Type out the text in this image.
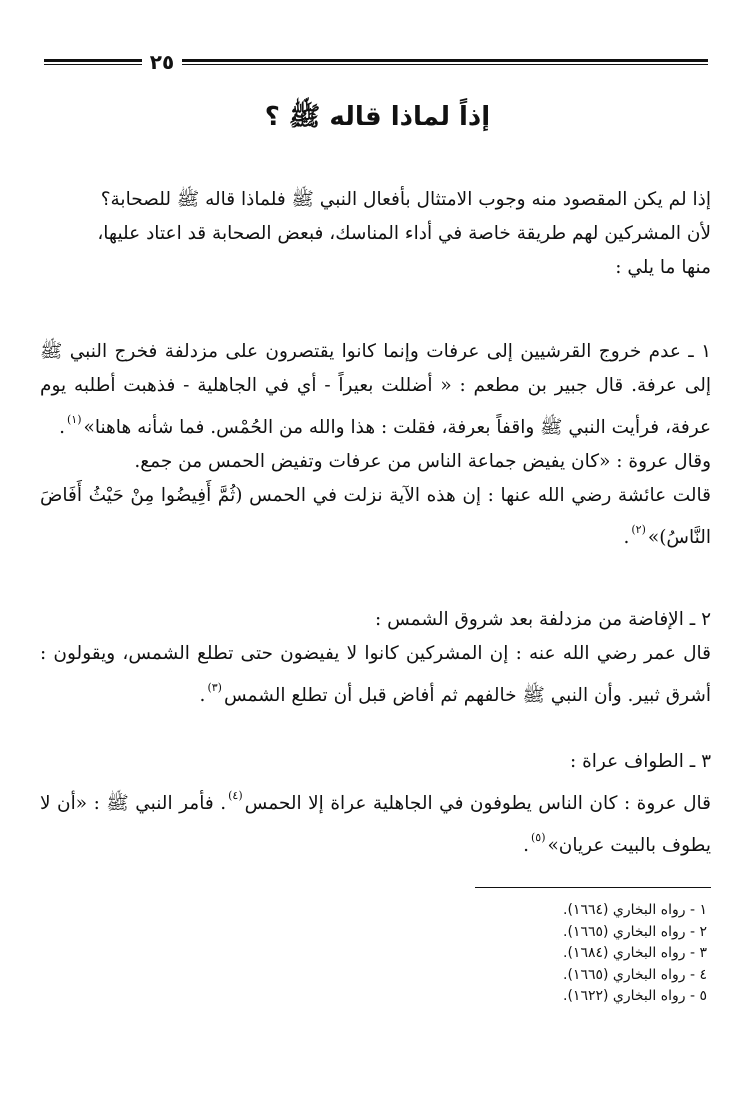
٢٥
إذاً لماذا قاله ﷺ ؟

إذا لم يكن المقصود منه وجوب الامتثال بأفعال النبي ﷺ فلماذا قاله ﷺ للصحابة؟

لأن المشركين لهم طريقة خاصة في أداء المناسك، فبعض الصحابة قد اعتاد عليها،

منها ما يلي :

١ ـ عدم خروج القرشيين إلى عرفات وإنما كانوا يقتصرون على مزدلفة فخرج النبي ﷺ إلى عرفة. قال جبير بن مطعم : « أضللت بعيراً - أي في الجاهلية - فذهبت أطلبه يوم عرفة، فرأيت النبي ﷺ واقفاً بعرفة، فقلت : هذا والله من الحُمْس. فما شأنه هاهنا»$^{(١)}$.

وقال عروة : «كان يفيض جماعة الناس من عرفات وتفيض الحمس من جمع.

قالت عائشة رضي الله عنها : إن هذه الآية نزلت في الحمس (ثُمَّ أَفِيضُوا مِنْ حَيْثُ أَفَاضَ النَّاسُ)»$^{(٢)}$.

٢ ـ الإفاضة من مزدلفة بعد شروق الشمس :

قال عمر رضي الله عنه : إن المشركين كانوا لا يفيضون حتى تطلع الشمس، ويقولون : أشرق ثبير. وأن النبي ﷺ خالفهم ثم أفاض قبل أن تطلع الشمس$^{(٣)}$.

٣ ـ الطواف عراة :

قال عروة : كان الناس يطوفون في الجاهلية عراة إلا الحمس$^{(٤)}$. فأمر النبي ﷺ : «أن لا يطوف بالبيت عريان»$^{(٥)}$.

١ - رواه البخاري (١٦٦٤).
٢ - رواه البخاري (١٦٦٥).
٣ - رواه البخاري (١٦٨٤).
٤ - رواه البخاري (١٦٦٥).
٥ - رواه البخاري (١٦٢٢).
